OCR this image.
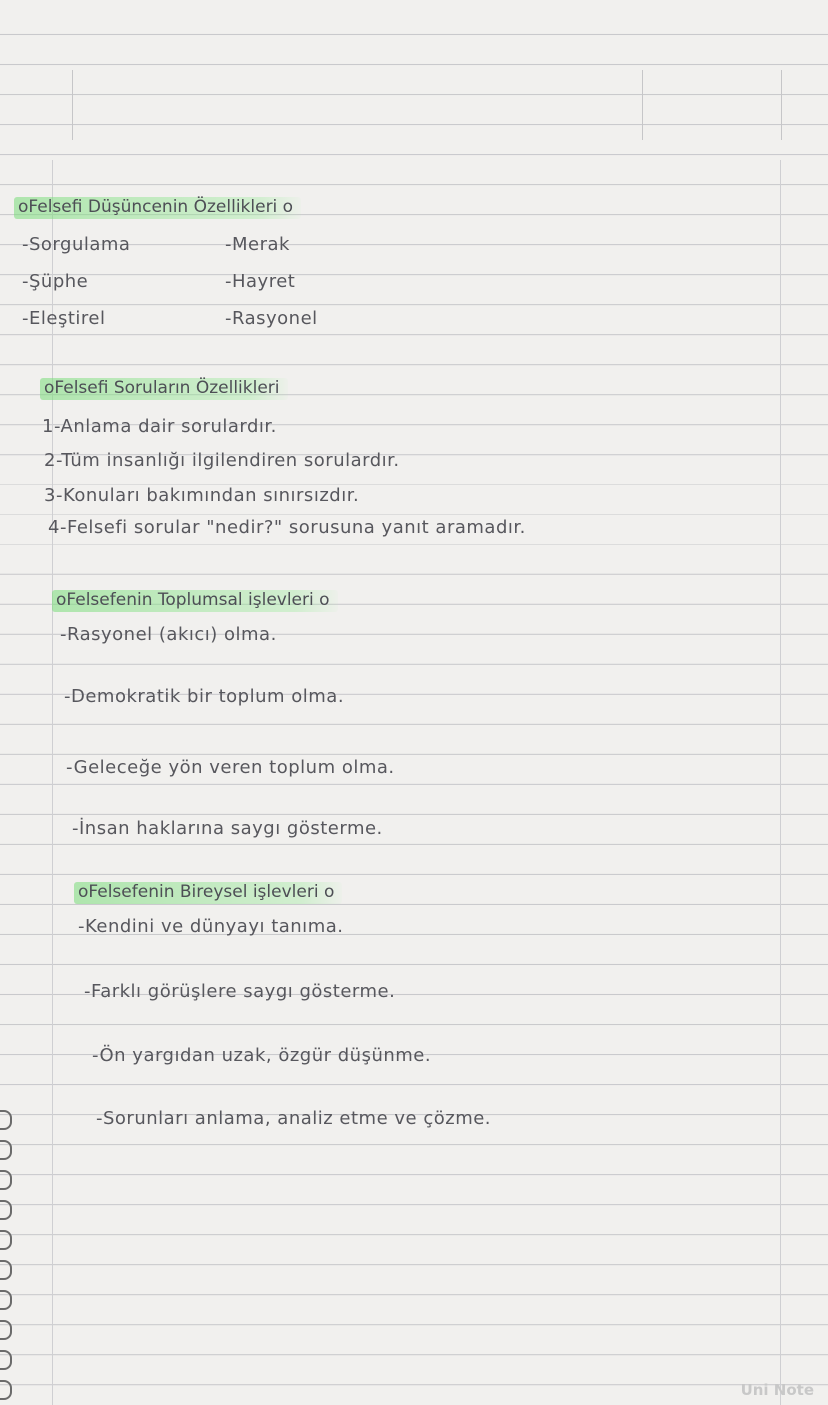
oFelsefi Düşüncenin Özellikleri o
-Sorgulama
-Şüphe
-Eleştirel
-Merak
-Hayret
-Rasyonel
oFelsefi Soruların Özellikleri
1-Anlama dair sorulardır.
2-Tüm insanlığı ilgilendiren sorulardır.
3-Konuları bakımından sınırsızdır.
4-Felsefi sorular "nedir?" sorusuna yanıt aramadır.
oFelsefenin Toplumsal işlevleri o
-Rasyonel (akıcı) olma.
-Demokratik bir toplum olma.
-Geleceğe yön veren toplum olma.
-İnsan haklarına saygı gösterme.
oFelsefenin Bireysel işlevleri o
-Kendini ve dünyayı tanıma.
-Farklı görüşlere saygı gösterme.
-Ön yargıdan uzak, özgür düşünme.
-Sorunları anlama, analiz etme ve çözme.
Uni Note
